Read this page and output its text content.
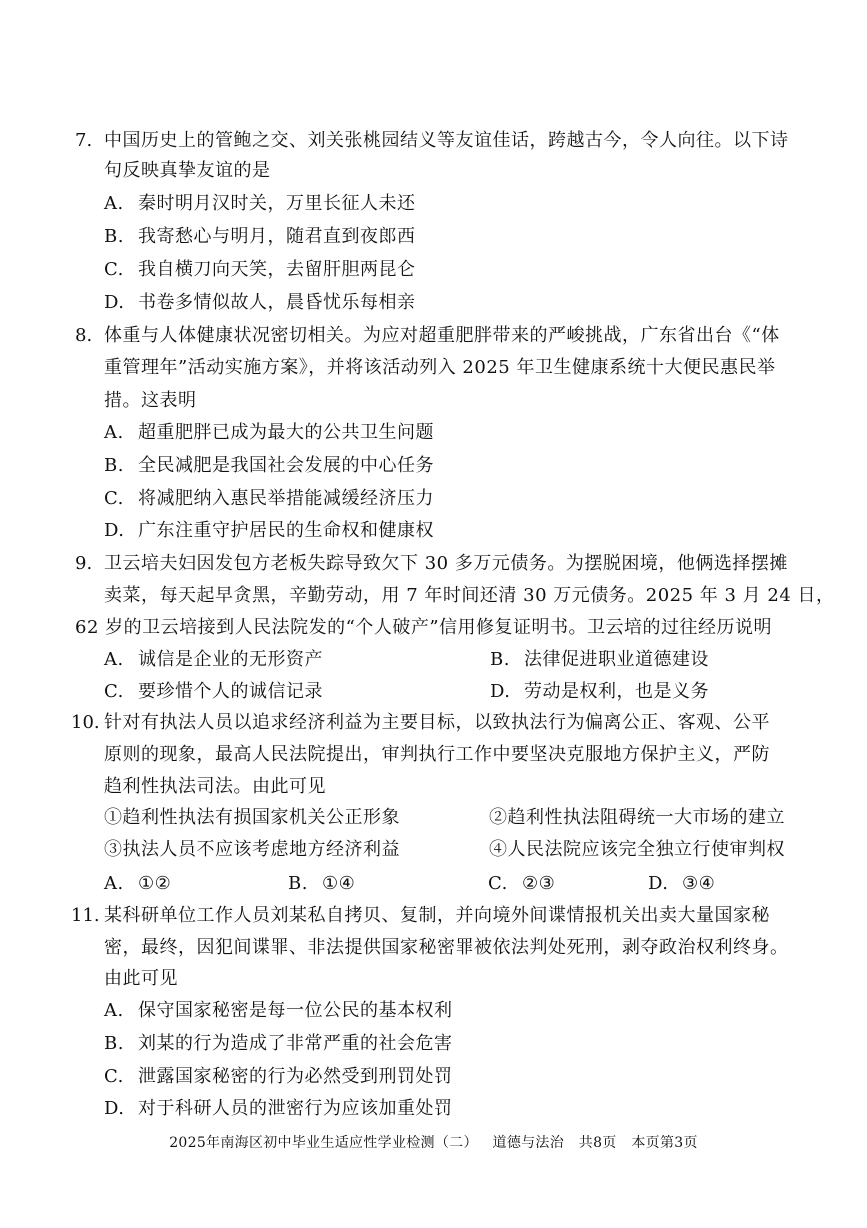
7. 中国历史上的管鲍之交、刘关张桃园结义等友谊佳话，跨越古今，令人向往。以下诗
句反映真挚友谊的是
A. 秦时明月汉时关，万里长征人未还
B. 我寄愁心与明月，随君直到夜郎西
C. 我自横刀向天笑，去留肝胆两昆仑
D. 书卷多情似故人，晨昏忧乐每相亲
8. 体重与人体健康状况密切相关。为应对超重肥胖带来的严峻挑战，广东省出台《“体
重管理年”活动实施方案》，并将该活动列入 2025 年卫生健康系统十大便民惠民举
措。这表明
A. 超重肥胖已成为最大的公共卫生问题
B. 全民减肥是我国社会发展的中心任务
C. 将减肥纳入惠民举措能减缓经济压力
D. 广东注重守护居民的生命权和健康权
9. 卫云培夫妇因发包方老板失踪导致欠下 30 多万元债务。为摆脱困境，他俩选择摆摊
卖菜，每天起早贪黑，辛勤劳动，用 7 年时间还清 30 万元债务。2025 年 3 月 24 日，
62 岁的卫云培接到人民法院发的“个人破产”信用修复证明书。卫云培的过往经历说明
A. 诚信是企业的无形资产	B. 法律促进职业道德建设
C. 要珍惜个人的诚信记录	D. 劳动是权利，也是义务
10. 针对有执法人员以追求经济利益为主要目标，以致执法行为偏离公正、客观、公平
原则的现象，最高人民法院提出，审判执行工作中要坚决克服地方保护主义，严防
趋利性执法司法。由此可见
①趋利性执法有损国家机关公正形象	②趋利性执法阻碍统一大市场的建立
③执法人员不应该考虑地方经济利益	④人民法院应该完全独立行使审判权
A. ①②	B. ①④	C. ②③	D. ③④
11. 某科研单位工作人员刘某私自拷贝、复制，并向境外间谍情报机关出卖大量国家秘
密，最终，因犯间谍罪、非法提供国家秘密罪被依法判处死刑，剥夺政治权利终身。
由此可见
A. 保守国家秘密是每一位公民的基本权利
B. 刘某的行为造成了非常严重的社会危害
C. 泄露国家秘密的行为必然受到刑罚处罚
D. 对于科研人员的泄密行为应该加重处罚
2025年南海区初中毕业生适应性学业检测（二） 道德与法治 共8页 本页第3页
